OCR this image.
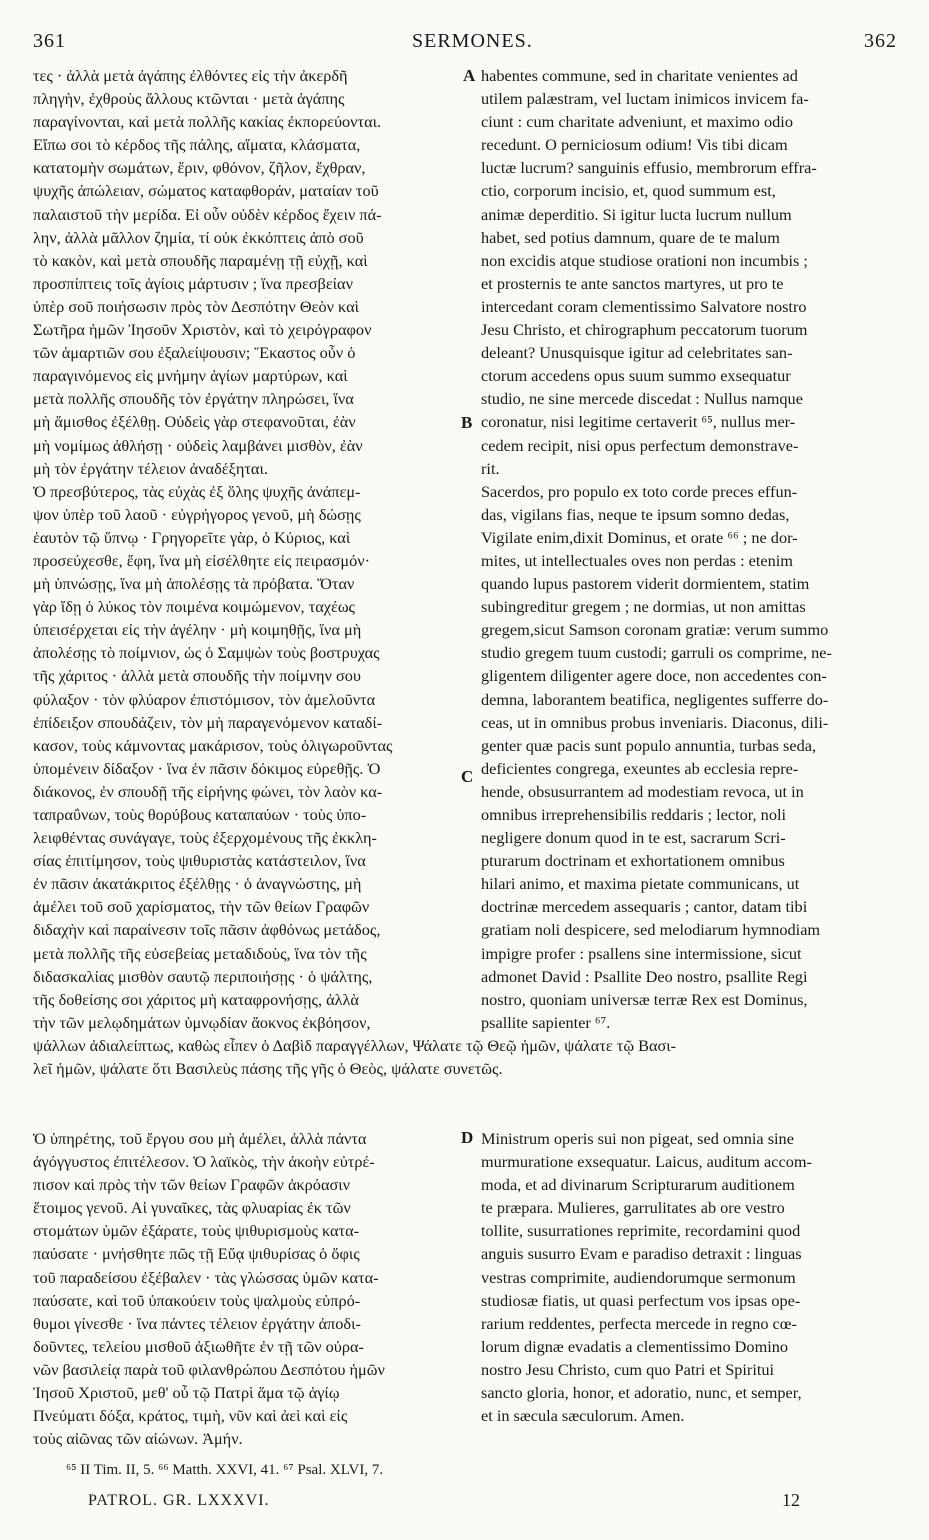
361	SERMONES.	362
τες · ἀλλὰ μετὰ ἀγάπης ἐλθόντες εἰς τὴν ἀκερδῆ
πληγὴν, ἐχθροὺς ἄλλους κτῶνται · μετὰ ἀγάπης
παραγίνονται, καὶ μετὰ πολλῆς κακίας ἐκπορεύονται.
Εἴπω σοι τὸ κέρδος τῆς πάλης, αἵματα, κλάσματα,
κατατομὴν σωμάτων, ἔριν, φθόνον, ζῆλον, ἔχθραν,
ψυχῆς ἀπώλειαν, σώματος καταφθοράν, ματαίαν τοῦ
παλαιστοῦ τὴν μερίδα. Εἰ οὖν οὐδὲν κέρδος ἔχειν πά-
λην, ἀλλὰ μᾶλλον ζημία, τί οὐκ ἐκκόπτεις ἀπὸ σοῦ
τὸ κακὸν, καὶ μετὰ σπουδῆς παραμένῃ τῇ εὐχῇ, καὶ
προσπίπτεις τοῖς ἁγίοις μάρτυσιν ; ἵνα πρεσβείαν
ὑπὲρ σοῦ ποιήσωσιν πρὸς τὸν Δεσπότην Θεὸν καὶ
Σωτῆρα ἡμῶν Ἰησοῦν Χριστὸν, καὶ τὸ χειρόγραφον
τῶν ἁμαρτιῶν σου ἐξαλείψουσιν; Ἕκαστος οὖν ὁ
παραγινόμενος εἰς μνήμην ἁγίων μαρτύρων, καὶ
μετὰ πολλῆς σπουδῆς τὸν ἐργάτην πληρώσει, ἵνα
μὴ ἄμισθος ἐξέλθῃ. Οὐδεὶς γὰρ στεφανοῦται, ἐὰν
μὴ νομίμως ἀθλήσῃ · οὐδεὶς λαμβάνει μισθὸν, ἐὰν
μὴ τὸν ἐργάτην τέλειον ἀναδέξηται.
Ὁ πρεσβύτερος, τὰς εὐχὰς ἐξ ὅλης ψυχῆς ἀνάπεμ-
ψον ὑπὲρ τοῦ λαοῦ · εὐγρήγορος γενοῦ, μὴ δώσῃς
ἑαυτὸν τῷ ὕπνῳ · Γρηγορεῖτε γὰρ, ὁ Κύριος, καὶ
προσεύχεσθε, ἔφη, ἵνα μὴ εἰσέλθητε εἰς πειρασμόν·
μὴ ὑπνώσῃς, ἵνα μὴ ἀπολέσῃς τὰ πρόβατα. Ὅταν
γὰρ ἴδῃ ὁ λύκος τὸν ποιμένα κοιμώμενον, ταχέως
ὑπεισέρχεται εἰς τὴν ἀγέλην · μὴ κοιμηθῇς, ἵνα μὴ
ἀπολέσῃς τὸ ποίμνιον, ὡς ὁ Σαμψὼν τοὺς βοστρυχας
τῆς χάριτος · ἀλλὰ μετὰ σπουδῆς τὴν ποίμνην σου
φύλαξον · τὸν φλύαρον ἐπιστόμισον, τὸν ἀμελοῦντα
ἐπίδειξον σπουδάζειν, τὸν μὴ παραγενόμενον καταδί-
κασον, τοὺς κάμνοντας μακάρισον, τοὺς ὀλιγωροῦντας
ὑπομένειν δίδαξον · ἵνα ἐν πᾶσιν δόκιμος εὑρεθῇς. Ὁ
διάκονος, ἐν σπουδῇ τῆς εἰρήνης φώνει, τὸν λαὸν κα-
ταπραΰνων, τοὺς θορύβους καταπαύων · τοὺς ὑπο-
λειφθέντας συνάγαγε, τοὺς ἐξερχομένους τῆς ἐκκλη-
σίας ἐπιτίμησον, τοὺς ψιθυριστὰς κατάστειλον, ἵνα
ἐν πᾶσιν ἀκατάκριτος ἐξέλθῃς · ὁ ἀναγνώστης, μὴ
ἀμέλει τοῦ σοῦ χαρίσματος, τὴν τῶν θείων Γραφῶν
διδαχὴν καὶ παραίνεσιν τοῖς πᾶσιν ἀφθόνως μετάδος,
μετὰ πολλῆς τῆς εὐσεβείας μεταδιδοὺς, ἵνα τὸν τῆς
διδασκαλίας μισθὸν σαυτῷ περιποιήσῃς · ὁ ψάλτης,
τῆς δοθείσης σοι χάριτος μὴ καταφρονήσῃς, ἀλλὰ
τὴν τῶν μελῳδημάτων ὑμνῳδίαν ἄοκνος ἐκβόησον,
habentes commune, sed in charitate venientes ad
utilem palæstram, vel luctam inimicos invicem fa-
ciunt : cum charitate adveniunt, et maximo odio
recedunt. O perniciosum odium! Vis tibi dicam
luctæ lucrum? sanguinis effusio, membrorum effra-
ctio, corporum incisio, et, quod summum est,
animæ deperditio. Si igitur lucta lucrum nullum
habet, sed potius damnum, quare de te malum
non excidis atque studiose orationi non incumbis ;
et prosternis te ante sanctos martyres, ut pro te
intercedant coram clementissimo Salvatore nostro
Jesu Christo, et chirographum peccatorum tuorum
deleant? Unusquisque igitur ad celebritates san-
ctorum accedens opus suum summo exsequatur
studio, ne sine mercede discedat : Nullus namque
coronatur, nisi legitime certaverit ⁶⁵, nullus mer-
cedem recipit, nisi opus perfectum demonstrave-
rit.
Sacerdos, pro populo ex toto corde preces effun-
das, vigilans fias, neque te ipsum somno dedas,
Vigilate enim,dixit Dominus, et orate ⁶⁶ ; ne dor-
mites, ut intellectuales oves non perdas : etenim
quando lupus pastorem viderit dormientem, statim
subingreditur gregem ; ne dormias, ut non amittas
gregem,sicut Samson coronam gratiæ: verum summo
studio gregem tuum custodi; garruli os comprime, ne-
gligentem diligenter agere doce, non accedentes con-
demna, laborantem beatifica, negligentes sufferre do-
ceas, ut in omnibus probus inveniaris. Diaconus, dili-
genter quæ pacis sunt populo annuntia, turbas seda,
deficientes congrega, exeuntes ab ecclesia repre-
hende, obsusurrantem ad modestiam revoca, ut in
omnibus irreprehensibilis reddaris ; lector, noli
negligere donum quod in te est, sacrarum Scri-
pturarum doctrinam et exhortationem omnibus
hilari animo, et maxima pietate communicans, ut
doctrinæ mercedem assequaris ; cantor, datam tibi
gratiam noli despicere, sed melodiarum hymnodiam
impigre profer : psallens sine intermissione, sicut
admonet David : Psallite Deo nostro, psallite Regi
nostro, quoniam universæ terræ Rex est Dominus,
psallite sapienter ⁶⁷.
A
B
C
D
ψάλλων ἀδιαλείπτως, καθὼς εἶπεν ὁ Δαβὶδ παραγγέλλων, Ψάλατε τῷ Θεῷ ἡμῶν, ψάλατε τῷ Βασι-
λεῖ ἡμῶν, ψάλατε ὅτι Βασιλεὺς πάσης τῆς γῆς ὁ Θεὸς, ψάλατε συνετῶς.
Ὁ ὑπηρέτης, τοῦ ἔργου σου μὴ ἀμέλει, ἀλλὰ πάντα
ἀγόγγυστος ἐπιτέλεσον. Ὁ λαϊκὸς, τὴν ἀκοὴν εὐτρέ-
πισον καὶ πρὸς τὴν τῶν θείων Γραφῶν ἀκρόασιν
ἕτοιμος γενοῦ. Αἱ γυναῖκες, τὰς φλυαρίας ἐκ τῶν
στομάτων ὑμῶν ἐξάρατε, τοὺς ψιθυρισμοὺς κατα-
παύσατε · μνήσθητε πῶς τῇ Εὔᾳ ψιθυρίσας ὁ ὄφις
τοῦ παραδείσου ἐξέβαλεν · τὰς γλώσσας ὑμῶν κατα-
παύσατε, καὶ τοῦ ὑπακούειν τοὺς ψαλμοὺς εὐπρό-
θυμοι γίνεσθε · ἵνα πάντες τέλειον ἐργάτην ἀποδι-
δοῦντες, τελείου μισθοῦ ἀξιωθῆτε ἐν τῇ τῶν οὐρα-
νῶν βασιλείᾳ παρὰ τοῦ φιλανθρώπου Δεσπότου ἡμῶν
Ἰησοῦ Χριστοῦ, μεθ' οὗ τῷ Πατρὶ ἅμα τῷ ἁγίῳ
Πνεύματι δόξα, κράτος, τιμὴ, νῦν καὶ ἀεὶ καὶ εἰς
τοὺς αἰῶνας τῶν αἰώνων. Ἀμήν.
Ministrum operis sui non pigeat, sed omnia sine
murmuratione exsequatur. Laicus, auditum accom-
moda, et ad divinarum Scripturarum auditionem
te præpara. Mulieres, garrulitates ab ore vestro
tollite, susurrationes reprimite, recordamini quod
anguis susurro Evam e paradiso detraxit : linguas
vestras comprimite, audiendorumque sermonum
studiosæ fiatis, ut quasi perfectum vos ipsas ope-
rarium reddentes, perfecta mercede in regno cœ-
lorum dignæ evadatis a clementissimo Domino
nostro Jesu Christo, cum quo Patri et Spiritui
sancto gloria, honor, et adoratio, nunc, et semper,
et in sæcula sæculorum. Amen.
⁶⁵ II Tim. II, 5. ⁶⁶ Matth. XXVI, 41. ⁶⁷ Psal. XLVI, 7.
PATROL. GR. LXXXVI.	12
